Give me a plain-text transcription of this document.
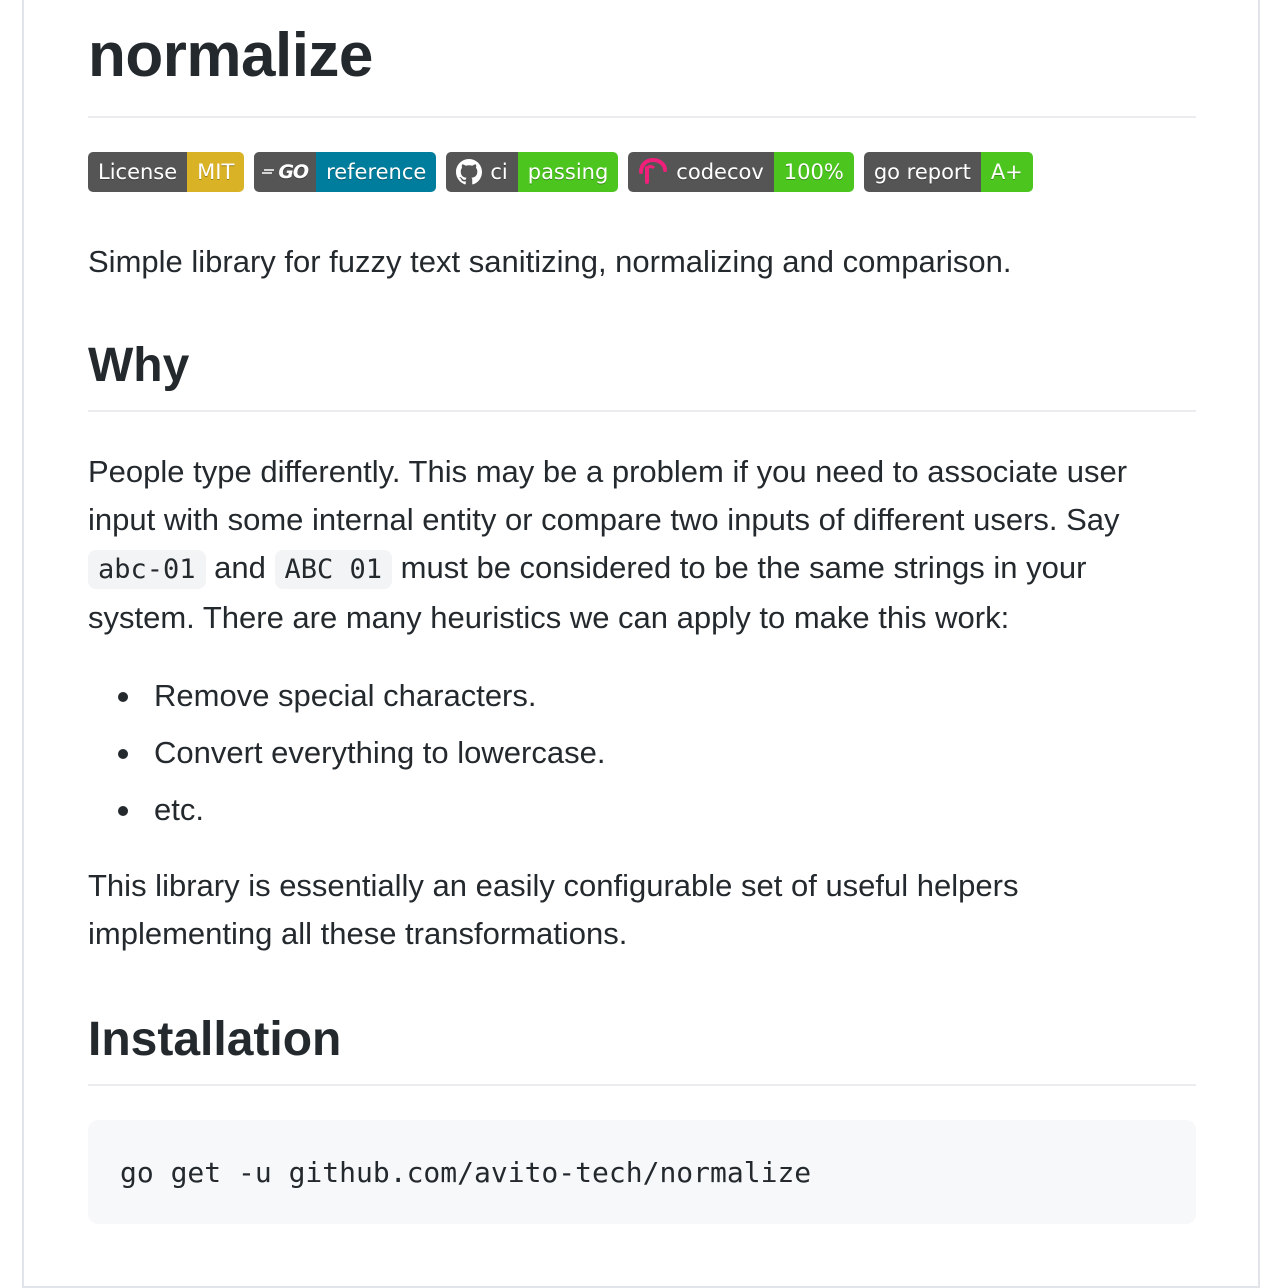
normalize
License MIT	GO reference	ci passing	codecov 100%	go report A+

Simple library for fuzzy text sanitizing, normalizing and comparison.

Why

People type differently. This may be a problem if you need to associate user input with some internal entity or compare two inputs of different users. Say abc-01 and ABC 01 must be considered to be the same strings in your system. There are many heuristics we can apply to make this work:

Remove special characters.
Convert everything to lowercase.
etc.

This library is essentially an easily configurable set of useful helpers implementing all these transformations.

Installation
go get -u github.com/avito-tech/normalize
